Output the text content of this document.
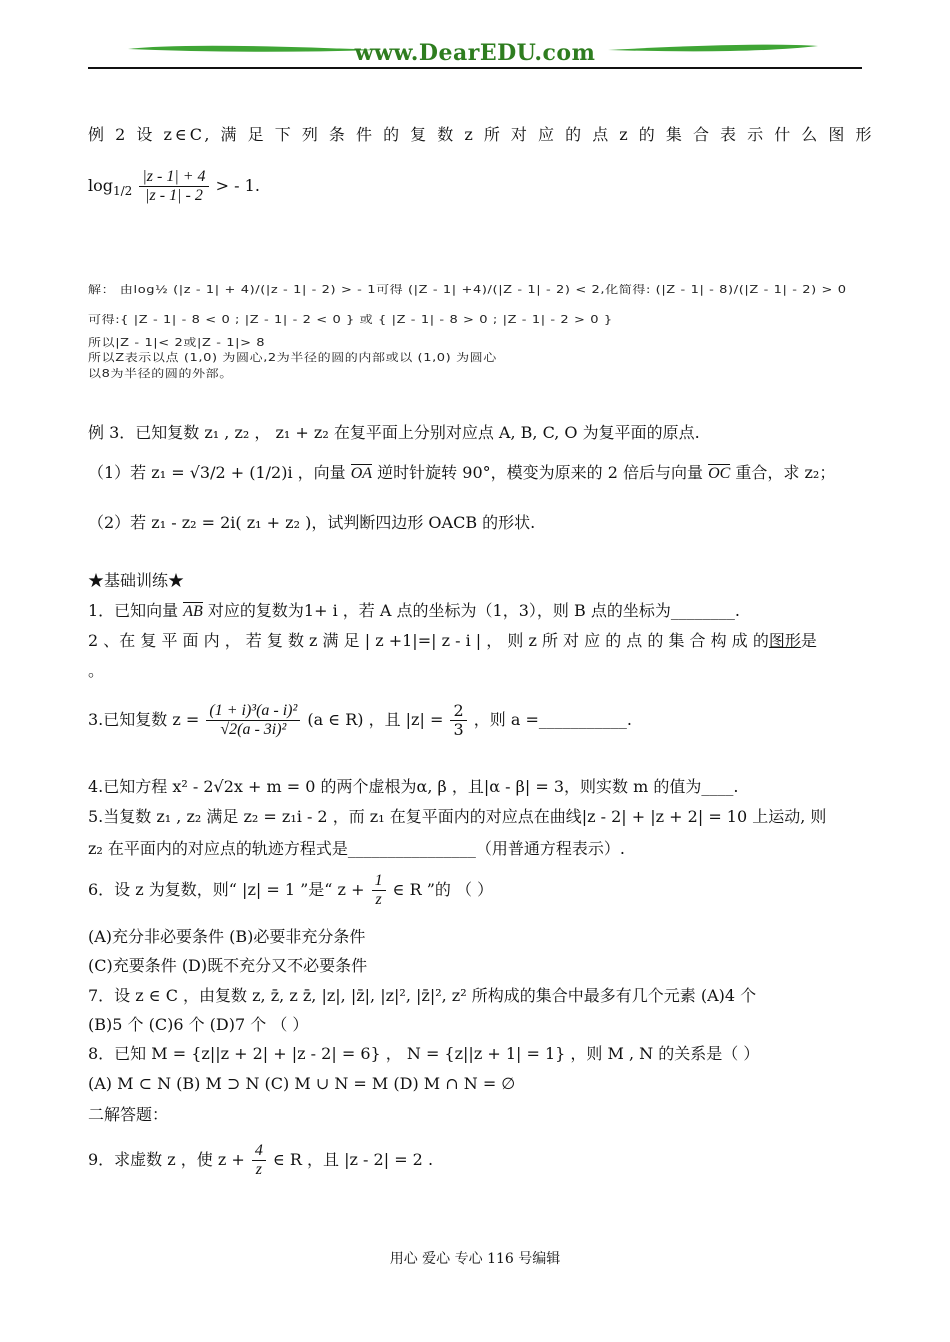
www.DearEDU.com
例 2 设 z∈C, 满 足 下 列 条 件 的 复 数 z 所 对 应 的 点 z 的 集 合 表 示 什 么 图 形
$\log_{1/2} \frac{|z - 1| + 4}{|z - 1| - 2}$ > - 1.
解： 由log½ (|z - 1| + 4)/(|z - 1| - 2) > - 1可得 (|Z - 1| +4)/(|Z - 1| - 2) < 2,化简得: (|Z - 1| - 8)/(|Z - 1| - 2) > 0
可得:{ |Z - 1| - 8 < 0 ; |Z - 1| - 2 < 0 } 或 { |Z - 1| - 8 > 0 ; |Z - 1| - 2 > 0 }
所以|Z - 1|< 2或|Z - 1|> 8
所以Z表示以点 (1,0) 为圆心,2为半径的圆的内部或以 (1,0) 为圆心
以8为半径的圆的外部。
例 3．已知复数 z₁ , z₂ ， z₁ + z₂ 在复平面上分别对应点 A, B, C, O 为复平面的原点.
（1）若 z₁ = √3/2 + (1/2)i ，向量 OA 逆时针旋转 90°，模变为原来的 2 倍后与向量 OC 重合，求 z₂；
（2）若 z₁ - z₂ = 2i( z₁ + z₂ )，试判断四边形 OACB 的形状.
★基础训练★
1．已知向量 AB 对应的复数为1+ i ，若 A 点的坐标为（1，3），则 B 点的坐标为________.
2 、在 复 平 面 内 ， 若 复 数 z 满 足 | z +1|=| z - i | ， 则 z 所 对 应 的 点 的 集 合 构 成 的图形是
。
3.已知复数 $z = \frac{\text{(1 + i)³(a - i)²}}{\text{√2(a - 3i)²}} (a$ ∈ R) ，且 $|z| = \frac{2}{3}$ ，则 a =___________.
4.已知方程 x² - 2√2x + m = 0 的两个虚根为α, β ，且|α - β| = 3，则实数 m 的值为____.
5.当复数 z₁ , z₂ 满足 z₂ = z₁i - 2 ，而 z₁ 在复平面内的对应点在曲线|z - 2| + |z + 2| = 10 上运动, 则
z₂ 在平面内的对应点的轨迹方程式是________________（用普通方程表示）.
6．设 z 为复数，则“ |z| = 1 ”是“ $z + \frac{1}{z}$ ∈ R ”的 （ ）
(A)充分非必要条件 (B)必要非充分条件
(C)充要条件 (D)既不充分又不必要条件
7．设 z ∈ C ，由复数 z, z̄, z z̄, |z|, |z̄|, |z|², |z̄|², z² 所构成的集合中最多有几个元素 (A)4 个
(B)5 个 (C)6 个 (D)7 个 （ ）
8．已知 M = {z||z + 2| + |z - 2| = 6} ， N = {z||z + 1| = 1} ，则 M , N 的关系是（ ）
(A) M ⊂ N (B) M ⊃ N (C) M ∪ N = M (D) M ∩ N = ∅
二解答题：
9．求虚数 z ，使 $z + \frac{4}{z}$ ∈ R ，且 |z - 2| = 2 .
用心 爱心 专心 116 号编辑
